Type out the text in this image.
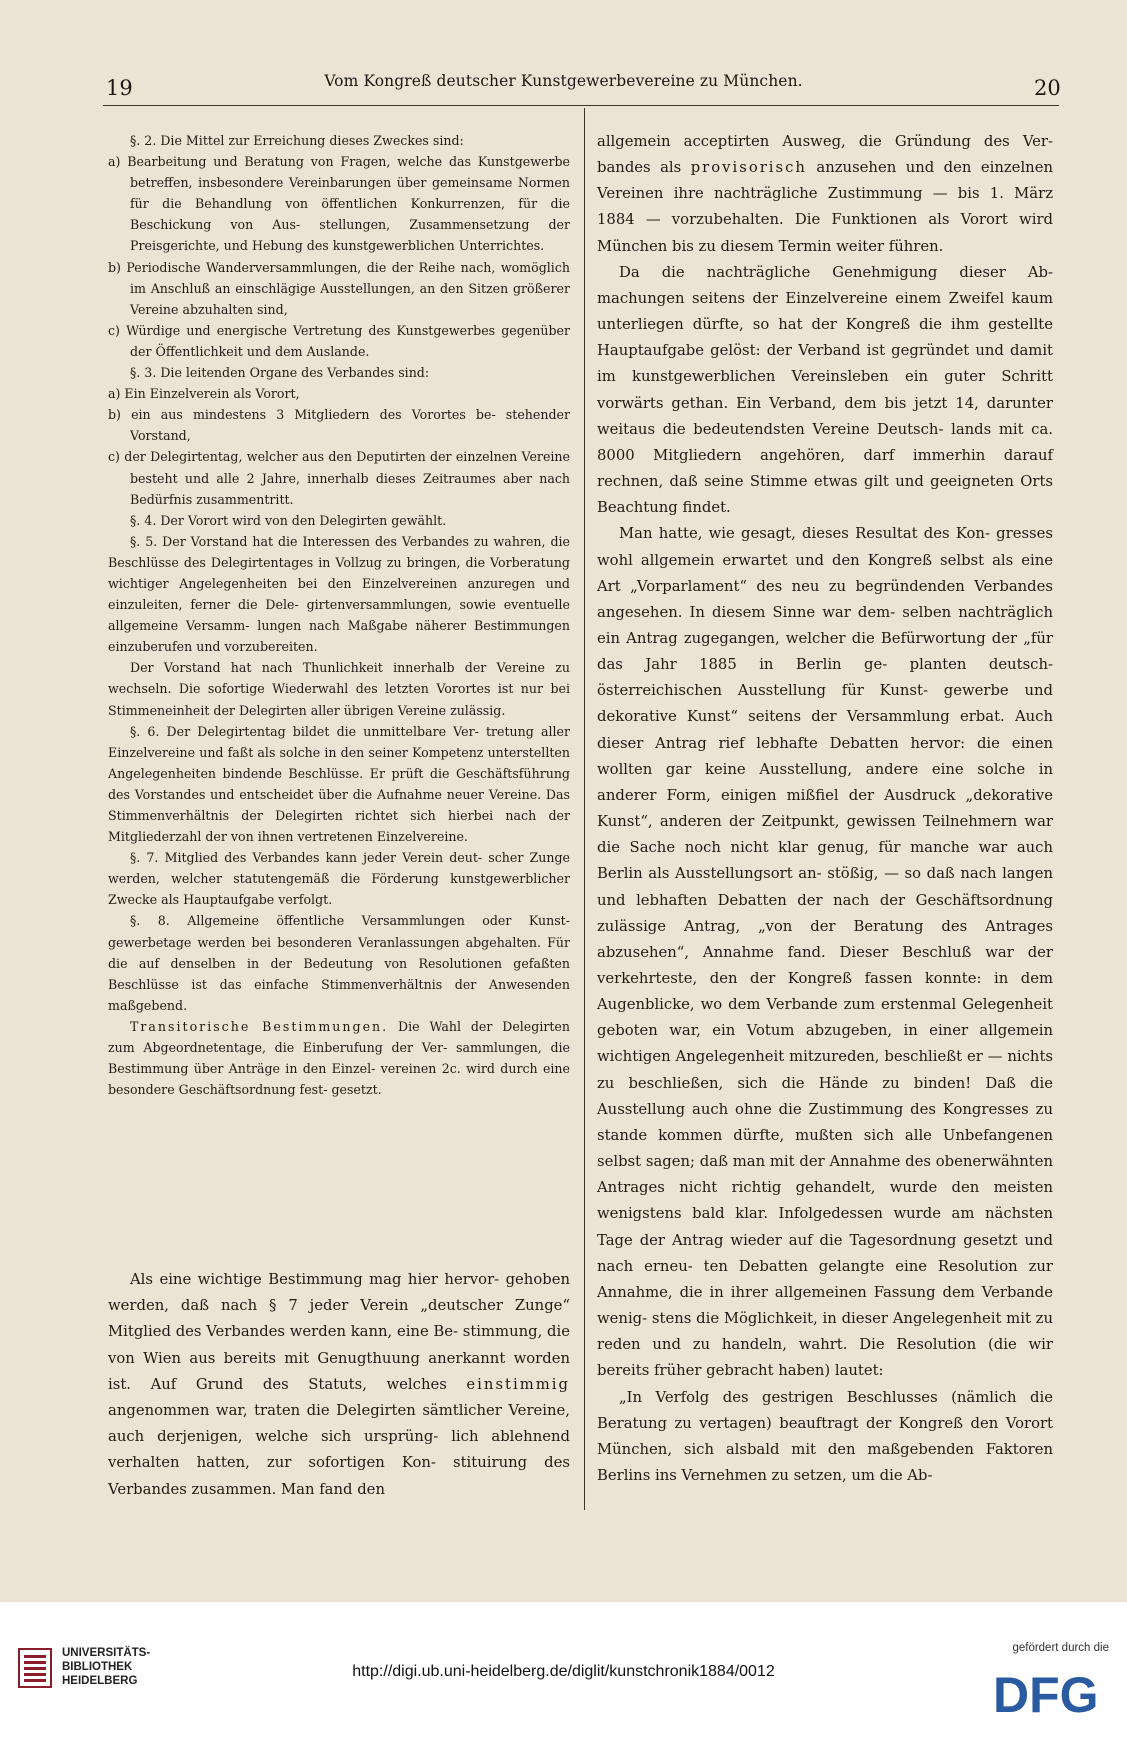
19	Vom Kongreß deutscher Kunstgewerbevereine zu München.	20

§. 2. Die Mittel zur Erreichung dieses Zweckes sind:

a) Bearbeitung und Beratung von Fragen, welche das Kunstgewerbe betreffen, insbesondere Vereinbarungen über gemeinsame Normen für die Behandlung von öffentlichen Konkurrenzen, für die Beschickung von Aus- stellungen, Zusammensetzung der Preisgerichte, und Hebung des kunstgewerblichen Unterrichtes.

b) Periodische Wanderversammlungen, die der Reihe nach, womöglich im Anschluß an einschlägige Ausstellungen, an den Sitzen größerer Vereine abzuhalten sind,

c) Würdige und energische Vertretung des Kunstgewerbes gegenüber der Öffentlichkeit und dem Auslande.

§. 3. Die leitenden Organe des Verbandes sind:

a) Ein Einzelverein als Vorort,

b) ein aus mindestens 3 Mitgliedern des Vorortes be- stehender Vorstand,

c) der Delegirtentag, welcher aus den Deputirten der einzelnen Vereine besteht und alle 2 Jahre, innerhalb dieses Zeitraumes aber nach Bedürfnis zusammentritt.

§. 4. Der Vorort wird von den Delegirten gewählt.

§. 5. Der Vorstand hat die Interessen des Verbandes zu wahren, die Beschlüsse des Delegirtentages in Vollzug zu bringen, die Vorberatung wichtiger Angelegenheiten bei den Einzelvereinen anzuregen und einzuleiten, ferner die Dele- girtenversammlungen, sowie eventuelle allgemeine Versamm- lungen nach Maßgabe näherer Bestimmungen einzuberufen und vorzubereiten.

Der Vorstand hat nach Thunlichkeit innerhalb der Vereine zu wechseln. Die sofortige Wiederwahl des letzten Vorortes ist nur bei Stimmeneinheit der Delegirten aller übrigen Vereine zulässig.

§. 6. Der Delegirtentag bildet die unmittelbare Ver- tretung aller Einzelvereine und faßt als solche in den seiner Kompetenz unterstellten Angelegenheiten bindende Beschlüsse. Er prüft die Geschäftsführung des Vorstandes und entscheidet über die Aufnahme neuer Vereine. Das Stimmenverhältnis der Delegirten richtet sich hierbei nach der Mitgliederzahl der von ihnen vertretenen Einzelvereine.

§. 7. Mitglied des Verbandes kann jeder Verein deut- scher Zunge werden, welcher statutengemäß die Förderung kunstgewerblicher Zwecke als Hauptaufgabe verfolgt.

§. 8. Allgemeine öffentliche Versammlungen oder Kunst- gewerbetage werden bei besonderen Veranlassungen abgehalten. Für die auf denselben in der Bedeutung von Resolutionen gefaßten Beschlüsse ist das einfache Stimmenverhältnis der Anwesenden maßgebend.

Transitorische Bestimmungen. Die Wahl der Delegirten zum Abgeordnetentage, die Einberufung der Ver- sammlungen, die Bestimmung über Anträge in den Einzel- vereinen 2c. wird durch eine besondere Geschäftsordnung fest- gesetzt.

Als eine wichtige Bestimmung mag hier hervor- gehoben werden, daß nach § 7 jeder Verein „deutscher Zunge“ Mitglied des Verbandes werden kann, eine Be- stimmung, die von Wien aus bereits mit Genugthuung anerkannt worden ist. Auf Grund des Statuts, welches einstimmig angenommen war, traten die Delegirten sämtlicher Vereine, auch derjenigen, welche sich ursprüng- lich ablehnend verhalten hatten, zur sofortigen Kon- stituirung des Verbandes zusammen. Man fand den

allgemein acceptirten Ausweg, die Gründung des Ver- bandes als provisorisch anzusehen und den einzelnen Vereinen ihre nachträgliche Zustimmung — bis 1. März 1884 — vorzubehalten. Die Funktionen als Vorort wird München bis zu diesem Termin weiter führen.

Da die nachträgliche Genehmigung dieser Ab- machungen seitens der Einzelvereine einem Zweifel kaum unterliegen dürfte, so hat der Kongreß die ihm gestellte Hauptaufgabe gelöst: der Verband ist gegründet und damit im kunstgewerblichen Vereinsleben ein guter Schritt vorwärts gethan. Ein Verband, dem bis jetzt 14, darunter weitaus die bedeutendsten Vereine Deutsch- lands mit ca. 8000 Mitgliedern angehören, darf immerhin darauf rechnen, daß seine Stimme etwas gilt und geeigneten Orts Beachtung findet.

Man hatte, wie gesagt, dieses Resultat des Kon- gresses wohl allgemein erwartet und den Kongreß selbst als eine Art „Vorparlament“ des neu zu begründenden Verbandes angesehen. In diesem Sinne war dem- selben nachträglich ein Antrag zugegangen, welcher die Befürwortung der „für das Jahr 1885 in Berlin ge- planten deutsch-österreichischen Ausstellung für Kunst- gewerbe und dekorative Kunst“ seitens der Versammlung erbat. Auch dieser Antrag rief lebhafte Debatten hervor: die einen wollten gar keine Ausstellung, andere eine solche in anderer Form, einigen mißfiel der Ausdruck „dekorative Kunst“, anderen der Zeitpunkt, gewissen Teilnehmern war die Sache noch nicht klar genug, für manche war auch Berlin als Ausstellungsort an- stößig, — so daß nach langen und lebhaften Debatten der nach der Geschäftsordnung zulässige Antrag, „von der Beratung des Antrages abzusehen“, Annahme fand. Dieser Beschluß war der verkehrteste, den der Kongreß fassen konnte: in dem Augenblicke, wo dem Verbande zum erstenmal Gelegenheit geboten war, ein Votum abzugeben, in einer allgemein wichtigen Angelegenheit mitzureden, beschließt er — nichts zu beschließen, sich die Hände zu binden! Daß die Ausstellung auch ohne die Zustimmung des Kongresses zu stande kommen dürfte, mußten sich alle Unbefangenen selbst sagen; daß man mit der Annahme des obenerwähnten Antrages nicht richtig gehandelt, wurde den meisten wenigstens bald klar. Infolgedessen wurde am nächsten Tage der Antrag wieder auf die Tagesordnung gesetzt und nach erneu- ten Debatten gelangte eine Resolution zur Annahme, die in ihrer allgemeinen Fassung dem Verbande wenig- stens die Möglichkeit, in dieser Angelegenheit mit zu reden und zu handeln, wahrt. Die Resolution (die wir bereits früher gebracht haben) lautet:

„In Verfolg des gestrigen Beschlusses (nämlich die Beratung zu vertagen) beauftragt der Kongreß den Vorort München, sich alsbald mit den maßgebenden Faktoren Berlins ins Vernehmen zu setzen, um die Ab-

UNIVERSITÄTS-
BIBLIOTHEK
HEIDELBERG
http://digi.ub.uni-heidelberg.de/diglit/kunstchronik1884/0012
gefördert durch die
DFG
